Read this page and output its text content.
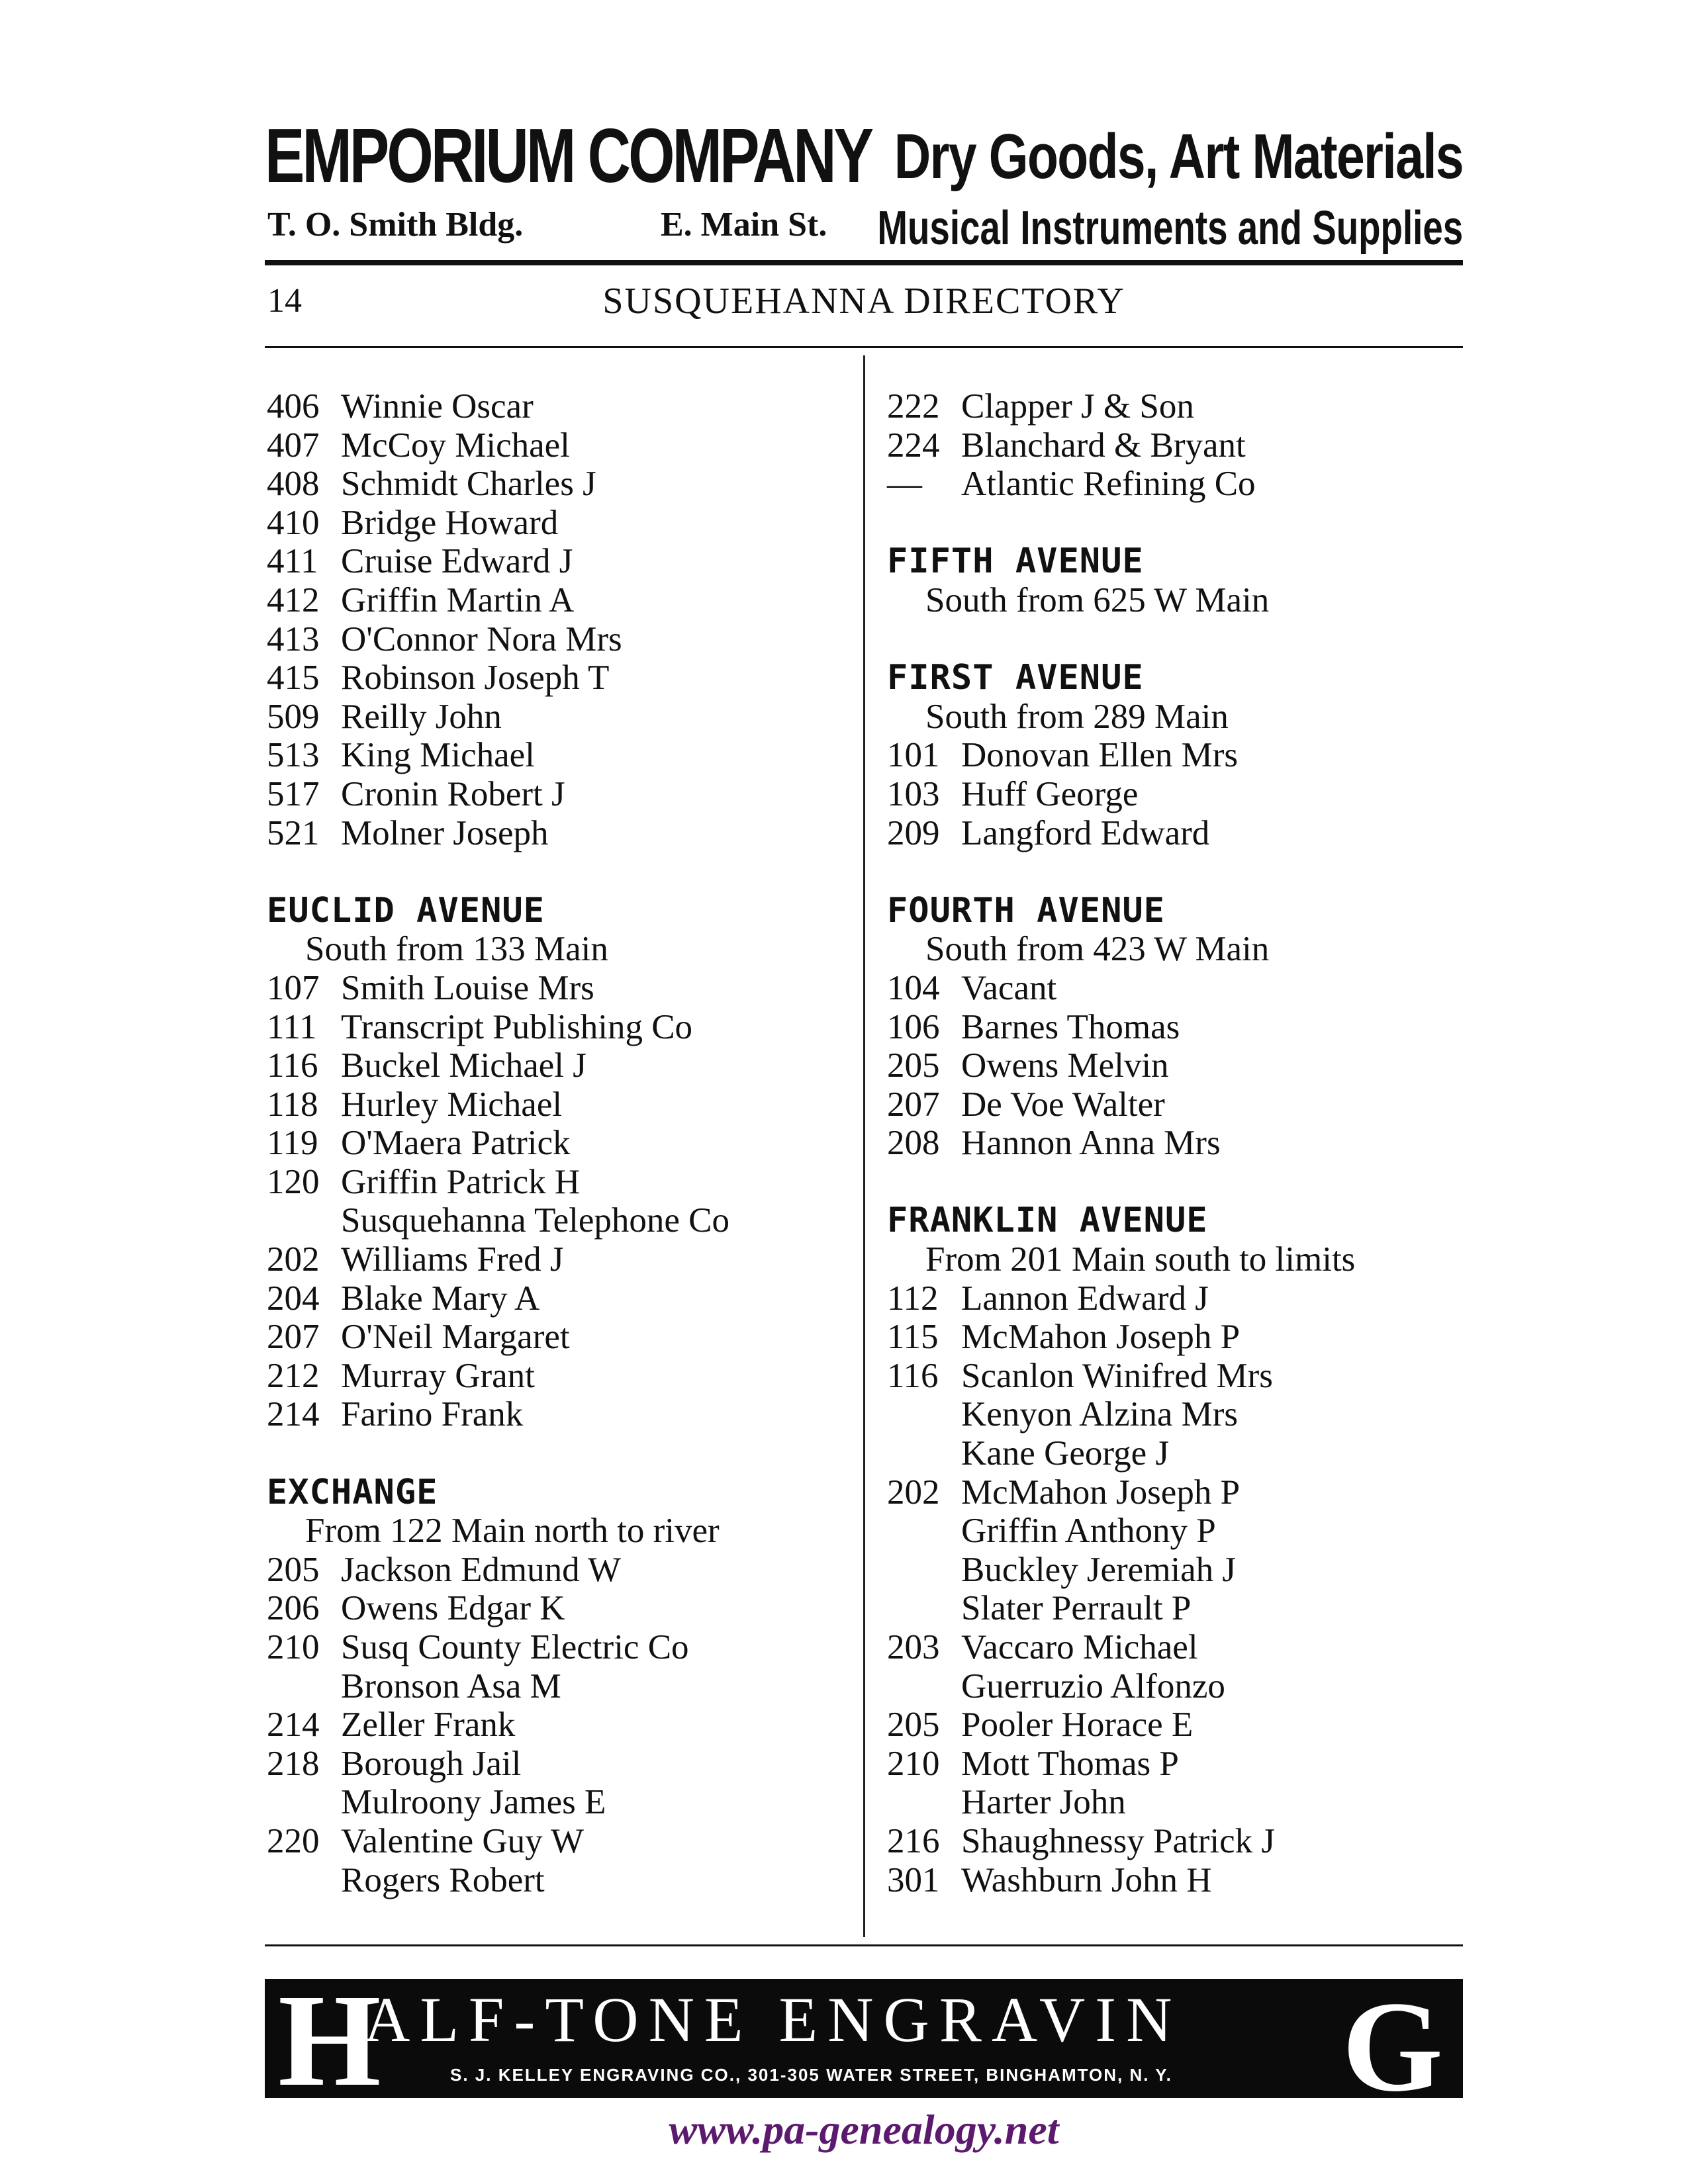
EMPORIUM COMPANY Dry Goods, Art Materials
T. O. Smith Bldg.	E. Main St. Musical Instruments and Supplies
14	SUSQUEHANNA DIRECTORY
406 Winnie Oscar
407 McCoy Michael
408 Schmidt Charles J
410 Bridge Howard
411 Cruise Edward J
412 Griffin Martin A
413 O'Connor Nora Mrs
415 Robinson Joseph T
509 Reilly John
513 King Michael
517 Cronin Robert J
521 Molner Joseph
EUCLID AVENUE
South from 133 Main
107 Smith Louise Mrs
111 Transcript Publishing Co
116 Buckel Michael J
118 Hurley Michael
119 O'Maera Patrick
120 Griffin Patrick H
Susquehanna Telephone Co
202 Williams Fred J
204 Blake Mary A
207 O'Neil Margaret
212 Murray Grant
214 Farino Frank
EXCHANGE
From 122 Main north to river
205 Jackson Edmund W
206 Owens Edgar K
210 Susq County Electric Co
Bronson Asa M
214 Zeller Frank
218 Borough Jail
Mulroony James E
220 Valentine Guy W
Rogers Robert
222 Clapper J & Son
224 Blanchard & Bryant
— Atlantic Refining Co
FIFTH AVENUE
South from 625 W Main
FIRST AVENUE
South from 289 Main
101 Donovan Ellen Mrs
103 Huff George
209 Langford Edward
FOURTH AVENUE
South from 423 W Main
104 Vacant
106 Barnes Thomas
205 Owens Melvin
207 De Voe Walter
208 Hannon Anna Mrs
FRANKLIN AVENUE
From 201 Main south to limits
112 Lannon Edward J
115 McMahon Joseph P
116 Scanlon Winifred Mrs
Kenyon Alzina Mrs
Kane George J
202 McMahon Joseph P
Griffin Anthony P
Buckley Jeremiah J
Slater Perrault P
203 Vaccaro Michael
Guerruzio Alfonzo
205 Pooler Horace E
210 Mott Thomas P
Harter John
216 Shaughnessy Patrick J
301 Washburn John H
H
ALF-TONE ENGRAVIN G
S. J. KELLEY ENGRAVING CO., 301-305 WATER STREET, BINGHAMTON, N. Y.
www.pa-genealogy.net
